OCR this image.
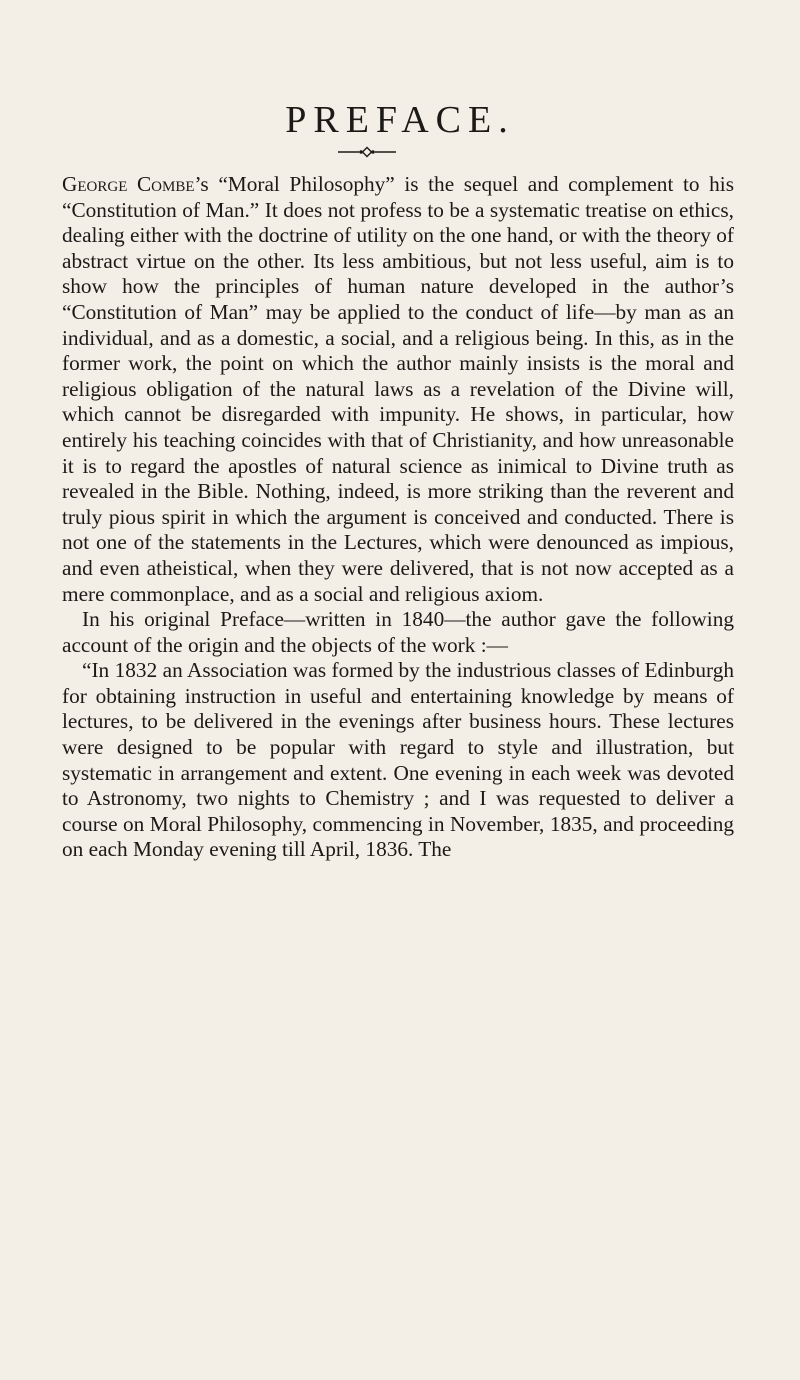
PREFACE.

George Combe’s “Moral Philosophy” is the sequel and complement to his “Constitution of Man.” It does not profess to be a systematic treatise on ethics, dealing either with the doctrine of utility on the one hand, or with the theory of abstract virtue on the other. Its less ambitious, but not less useful, aim is to show how the principles of human nature developed in the author’s “Constitution of Man” may be applied to the conduct of life—by man as an individual, and as a domestic, a social, and a religious being. In this, as in the former work, the point on which the author mainly insists is the moral and religious obligation of the natural laws as a revelation of the Divine will, which cannot be disregarded with impunity. He shows, in particular, how entirely his teaching coincides with that of Christianity, and how unreasonable it is to regard the apostles of natural science as inimical to Divine truth as revealed in the Bible. Nothing, indeed, is more striking than the reverent and truly pious spirit in which the argument is conceived and conducted. There is not one of the statements in the Lectures, which were denounced as impious, and even atheistical, when they were delivered, that is not now accepted as a mere commonplace, and as a social and religious axiom.

In his original Preface—written in 1840—the author gave the following account of the origin and the objects of the work :—

“In 1832 an Association was formed by the industrious classes of Edinburgh for obtaining instruction in useful and entertaining knowledge by means of lectures, to be delivered in the evenings after business hours. These lectures were designed to be popular with regard to style and illustration, but systematic in arrangement and extent. One evening in each week was devoted to Astronomy, two nights to Chemistry ; and I was requested to deliver a course on Moral Philosophy, commencing in November, 1835, and proceeding on each Monday evening till April, 1836. The
